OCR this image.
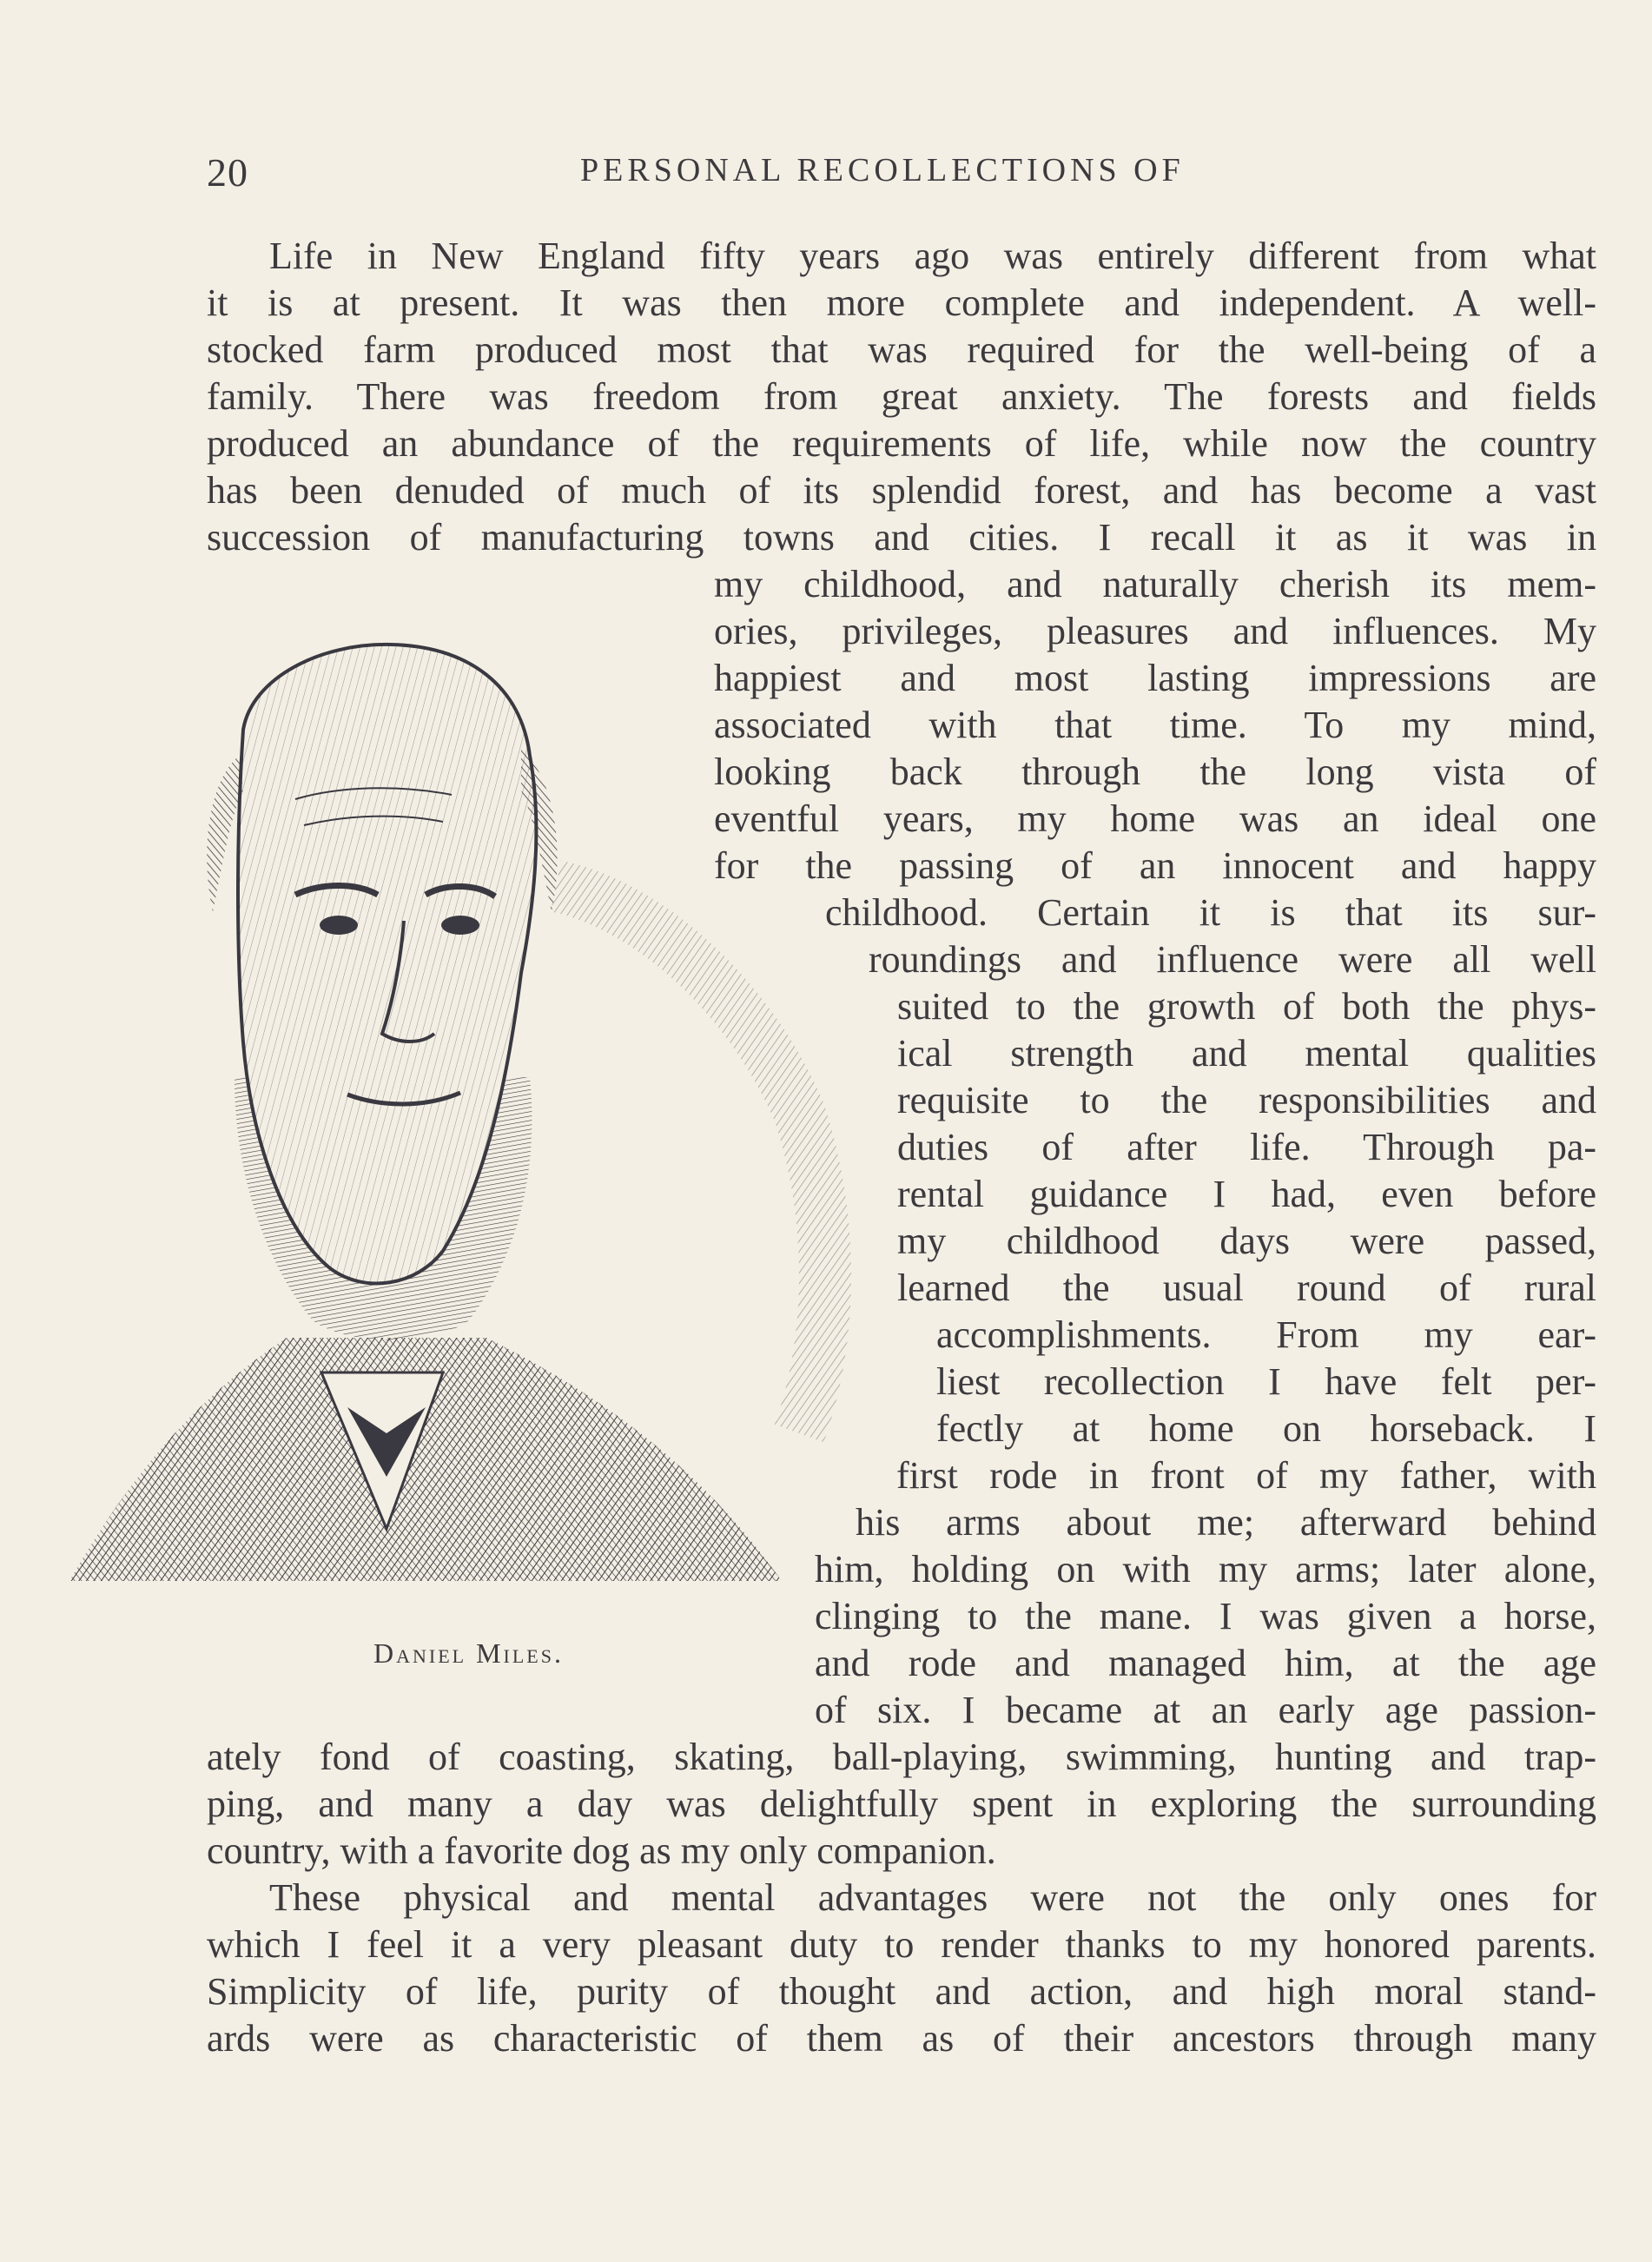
20	PERSONAL RECOLLECTIONS OF
Daniel Miles.
Life in New England fifty years ago was entirely different from what
it is at present. It was then more complete and independent. A well-
stocked farm produced most that was required for the well-being of a
family. There was freedom from great anxiety. The forests and fields
produced an abundance of the requirements of life, while now the country
has been denuded of much of its splendid forest, and has become a vast
succession of manufacturing towns and cities. I recall it as it was in
my childhood, and naturally cherish its mem-
ories, privileges, pleasures and influences. My
happiest and most lasting impressions are
associated with that time. To my mind,
looking back through the long vista of
eventful years, my home was an ideal one
for the passing of an innocent and happy
childhood. Certain it is that its sur-
roundings and influence were all well
suited to the growth of both the phys-
ical strength and mental qualities
requisite to the responsibilities and
duties of after life. Through pa-
rental guidance I had, even before
my childhood days were passed,
learned the usual round of rural
accomplishments. From my ear-
liest recollection I have felt per-
fectly at home on horseback. I
first rode in front of my father, with
his arms about me; afterward behind
him, holding on with my arms; later alone,
clinging to the mane. I was given a horse,
and rode and managed him, at the age
of six. I became at an early age passion-
ately fond of coasting, skating, ball-playing, swimming, hunting and trap-
ping, and many a day was delightfully spent in exploring the surrounding
country, with a favorite dog as my only companion.
These physical and mental advantages were not the only ones for
which I feel it a very pleasant duty to render thanks to my honored parents.
Simplicity of life, purity of thought and action, and high moral stand-
ards were as characteristic of them as of their ancestors through many
